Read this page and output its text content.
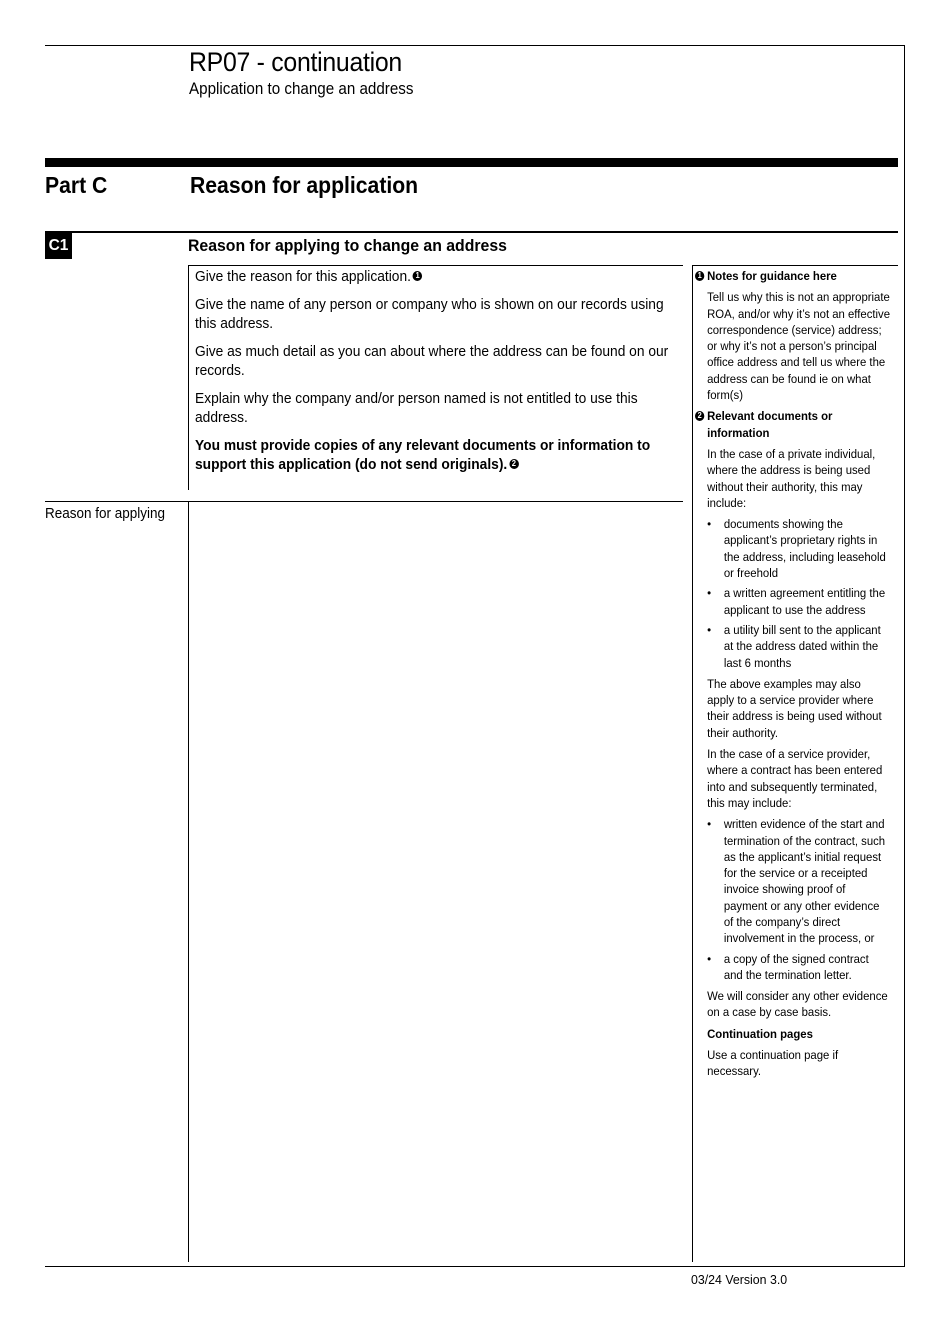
RP07 - continuation
Application to change an address
Part C	Reason for application
C1	Reason for applying to change an address

Give the reason for this application. 1

Give the name of any person or company who is shown on our records using this address.

Give as much detail as you can about where the address can be found on our records.

Explain why the company and/or person named is not entitled to use this address.

You must provide copies of any relevant documents or information to support this application (do not send originals). 2

Reason for applying
1 Notes for guidance here

Tell us why this is not an appropriate ROA, and/or why it’s not an effective correspondence (service) address; or why it’s not a person’s principal office address and tell us where the address can be found ie on what form(s)

2 Relevant documents or information

In the case of a private individual, where the address is being used without their authority, this may include:

• documents showing the applicant’s proprietary rights in the address, including leasehold or freehold
• a written agreement entitling the applicant to use the address
• a utility bill sent to the applicant at the address dated within the last 6 months

The above examples may also apply to a service provider where their address is being used without their authority.

In the case of a service provider, where a contract has been entered into and subsequently terminated, this may include:

• written evidence of the start and termination of the contract, such as the applicant’s initial request for the service or a receipted invoice showing proof of payment or any other evidence of the company’s direct involvement in the process, or
• a copy of the signed contract and the termination letter.

We will consider any other evidence on a case by case basis.

Continuation pages

Use a continuation page if necessary.

03/24 Version 3.0
